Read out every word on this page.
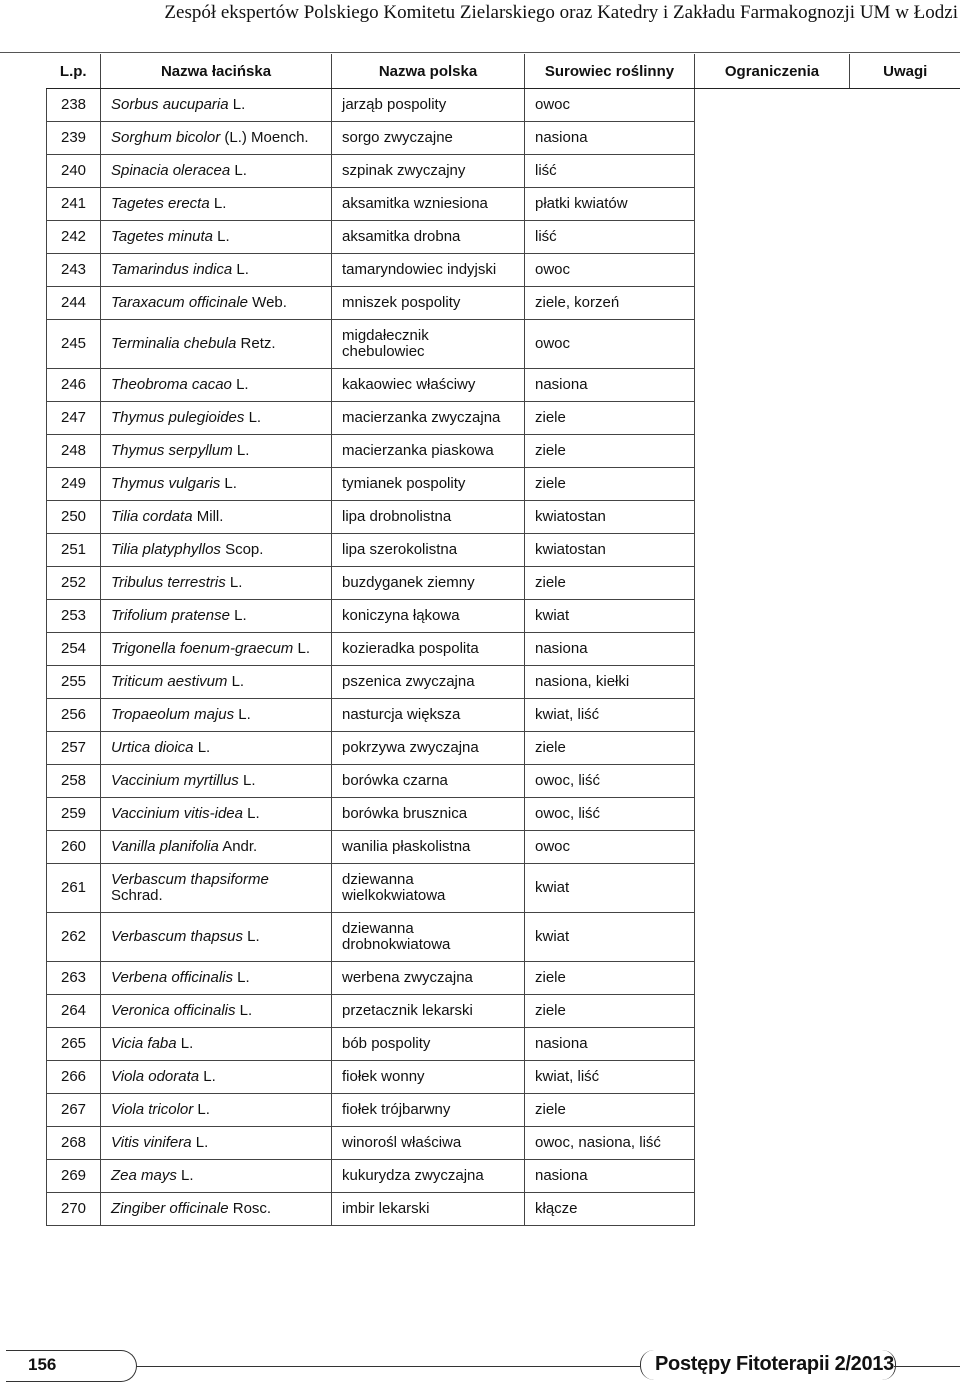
Zespół ekspertów Polskiego Komitetu Zielarskiego oraz Katedry i Zakładu Farmakognozji UM w Łodzi
L.p.	Nazwa łacińska	Nazwa polska	Surowiec roślinny	Ograniczenia	Uwagi
238	Sorbus aucuparia L.	jarząb pospolity	owoc		
239	Sorghum bicolor (L.) Moench.	sorgo zwyczajne	nasiona		
240	Spinacia oleracea L.	szpinak zwyczajny	liść		
241	Tagetes erecta L.	aksamitka wzniesiona	płatki kwiatów		
242	Tagetes minuta L.	aksamitka drobna	liść		
243	Tamarindus indica L.	tamaryndowiec indyjski	owoc		
244	Taraxacum officinale Web.	mniszek pospolity	ziele, korzeń		
245	Terminalia chebula Retz.	migdałecznik chebulowiec	owoc		
246	Theobroma cacao L.	kakaowiec właściwy	nasiona		
247	Thymus pulegioides L.	macierzanka zwyczajna	ziele		
248	Thymus serpyllum L.	macierzanka piaskowa	ziele		
249	Thymus vulgaris L.	tymianek pospolity	ziele		
250	Tilia cordata Mill.	lipa drobnolistna	kwiatostan		
251	Tilia platyphyllos Scop.	lipa szerokolistna	kwiatostan		
252	Tribulus terrestris L.	buzdyganek ziemny	ziele		
253	Trifolium pratense L.	koniczyna łąkowa	kwiat		
254	Trigonella foenum-graecum L.	kozieradka pospolita	nasiona		
255	Triticum aestivum L.	pszenica zwyczajna	nasiona, kiełki		
256	Tropaeolum majus L.	nasturcja większa	kwiat, liść		
257	Urtica dioica L.	pokrzywa zwyczajna	ziele		
258	Vaccinium myrtillus L.	borówka czarna	owoc, liść		
259	Vaccinium vitis-idea L.	borówka brusznica	owoc, liść		
260	Vanilla planifolia Andr.	wanilia płaskolistna	owoc		
261	Verbascum thapsiforme Schrad.	dziewanna wielkokwiatowa	kwiat		
262	Verbascum thapsus L.	dziewanna drobnokwiatowa	kwiat		
263	Verbena officinalis L.	werbena zwyczajna	ziele		
264	Veronica officinalis L.	przetacznik lekarski	ziele		
265	Vicia faba L.	bób pospolity	nasiona		
266	Viola odorata L.	fiołek wonny	kwiat, liść		
267	Viola tricolor L.	fiołek trójbarwny	ziele		
268	Vitis vinifera L.	winorośl właściwa	owoc, nasiona, liść		
269	Zea mays L.	kukurydza zwyczajna	nasiona		
270	Zingiber officinale Rosc.	imbir lekarski	kłącze		
156	Postępy Fitoterapii 2/2013
